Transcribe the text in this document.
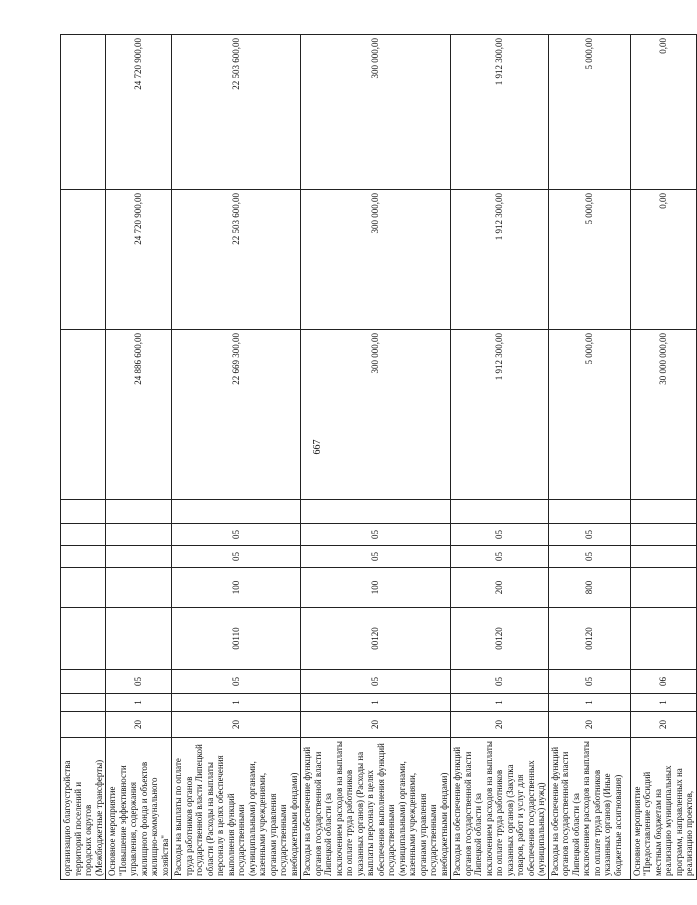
667
организацию благоустройства территорий поселений и городских округов (Межбюджетные трансферты)											
Основное мероприятие "Повышение эффективности управления, содержания жилищного фонда и объектов жилищно-коммунального хозяйства"	20	1	05						24 886 600,00	24 720 900,00	24 720 900,00
Расходы на выплаты по оплате труда работников органов государственной власти Липецкой области (Расходы на выплаты персоналу в целях обеспечения выполнения функций государственными (муниципальными) органами, казенными учреждениями, органами управления государственными внебюджетными фондами)	20	1	05	00110	100	05	05		22 669 300,00	22 503 600,00	22 503 600,00
Расходы на обеспечение функций органов государственной власти Липецкой области (за исключением расходов на выплаты по оплате труда работников указанных органов) (Расходы на выплаты персоналу в целях обеспечения выполнения функций государственными (муниципальными) органами, казенными учреждениями, органами управления государственными внебюджетными фондами)	20	1	05	00120	100	05	05		300 000,00	300 000,00	300 000,00
Расходы на обеспечение функций органов государственной власти Липецкой области (за исключением расходов на выплаты по оплате труда работников указанных органов) (Закупка товаров, работ и услуг для обеспечения государственных (муниципальных) нужд)	20	1	05	00120	200	05	05		1 912 300,00	1 912 300,00	1 912 300,00
Расходы на обеспечение функций органов государственной власти Липецкой области (за исключением расходов на выплаты по оплате труда работников указанных органов) (Иные бюджетные ассигнования)	20	1	05	00120	800	05	05		5 000,00	5 000,00	5 000,00
Основное мероприятие "Предоставление субсидий местным бюджетам на реализацию муниципальных программ, направленных на реализацию проектов,	20	1	06						30 000 000,00	0,00	0,00
